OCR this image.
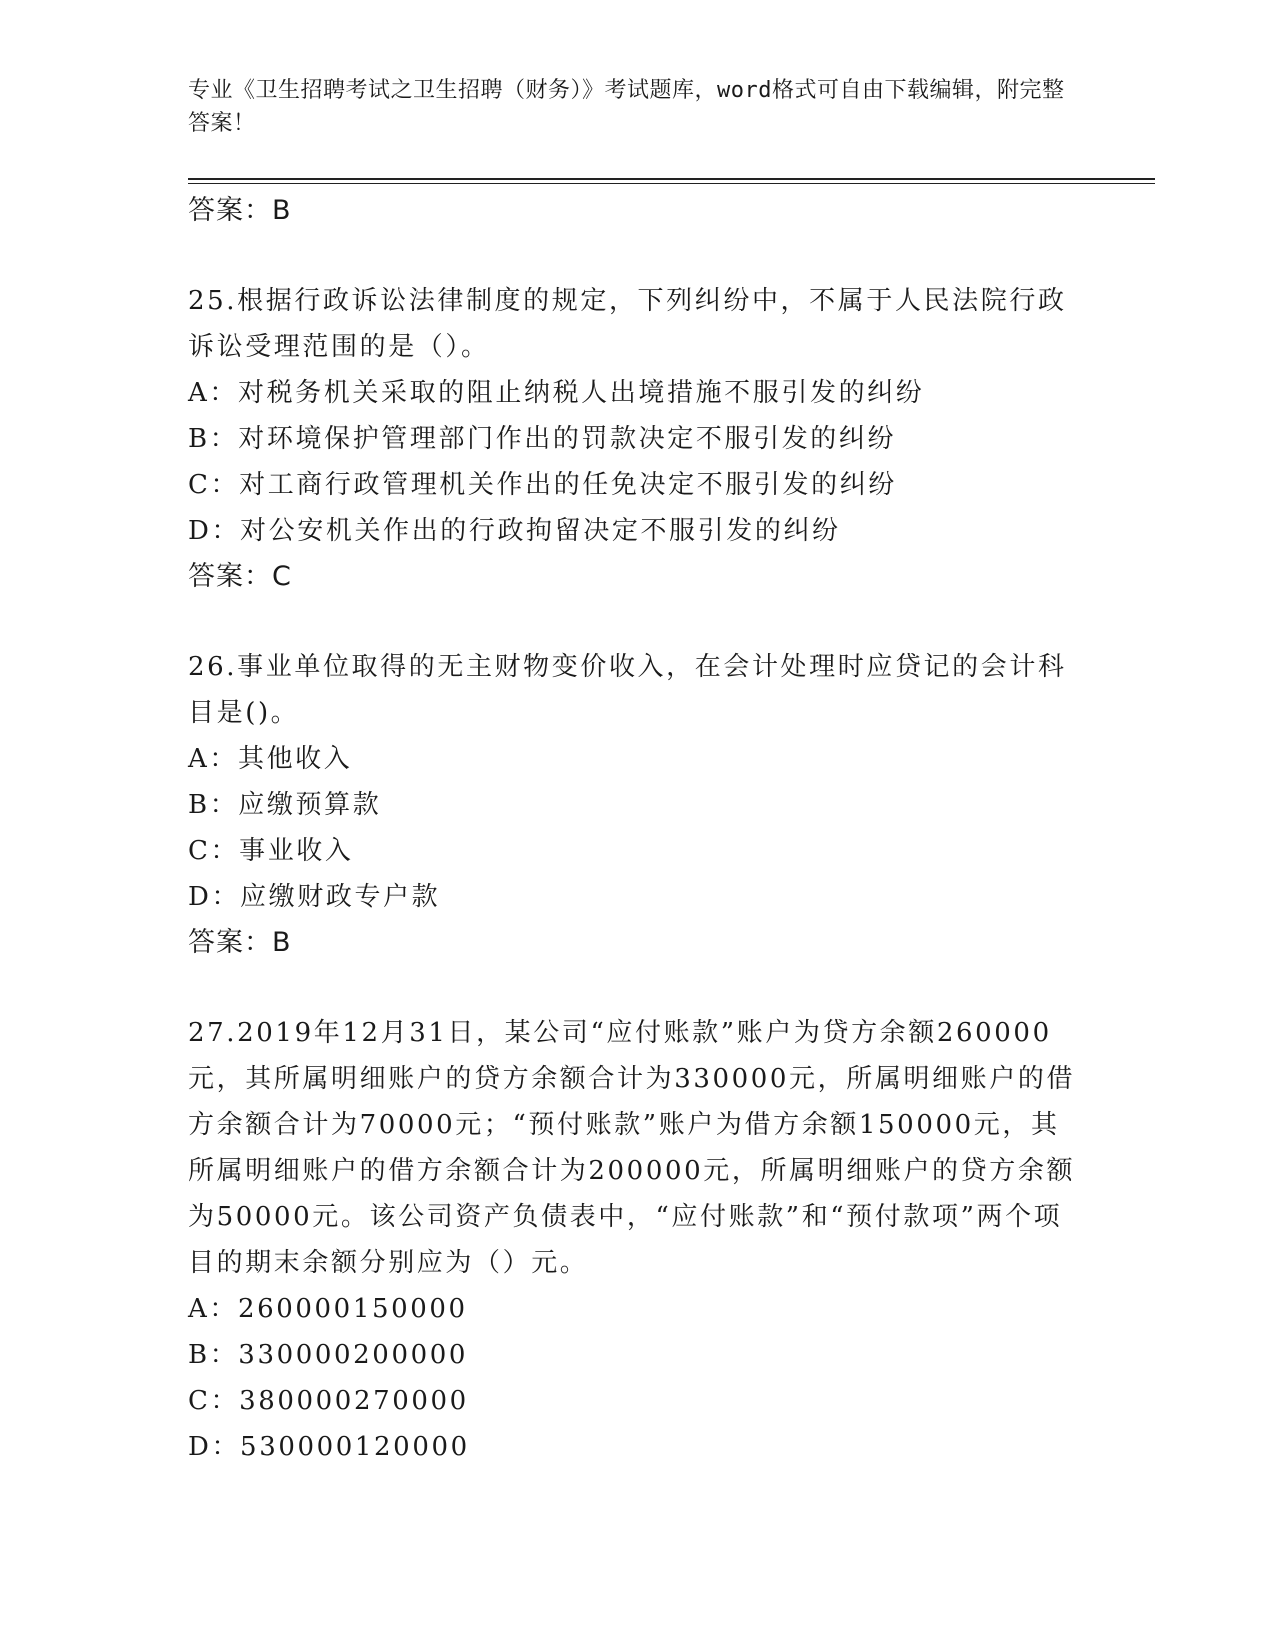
专业《卫生招聘考试之卫生招聘（财务）》考试题库，word格式可自由下载编辑，附完整答案！
答案：B
25.根据行政诉讼法律制度的规定，下列纠纷中，不属于人民法院行政诉讼受理范围的是（）。
A：对税务机关采取的阻止纳税人出境措施不服引发的纠纷
B：对环境保护管理部门作出的罚款决定不服引发的纠纷
C：对工商行政管理机关作出的任免决定不服引发的纠纷
D：对公安机关作出的行政拘留决定不服引发的纠纷
答案：C
26.事业单位取得的无主财物变价收入，在会计处理时应贷记的会计科目是()。
A：其他收入
B：应缴预算款
C：事业收入
D：应缴财政专户款
答案：B
27.2019年12月31日，某公司“应付账款”账户为贷方余额260000元，其所属明细账户的贷方余额合计为330000元，所属明细账户的借方余额合计为70000元；“预付账款”账户为借方余额150000元，其所属明细账户的借方余额合计为200000元，所属明细账户的贷方余额为50000元。该公司资产负债表中，“应付账款”和“预付款项”两个项目的期末余额分别应为（）元。
A：260000150000
B：330000200000
C：380000270000
D：530000120000
